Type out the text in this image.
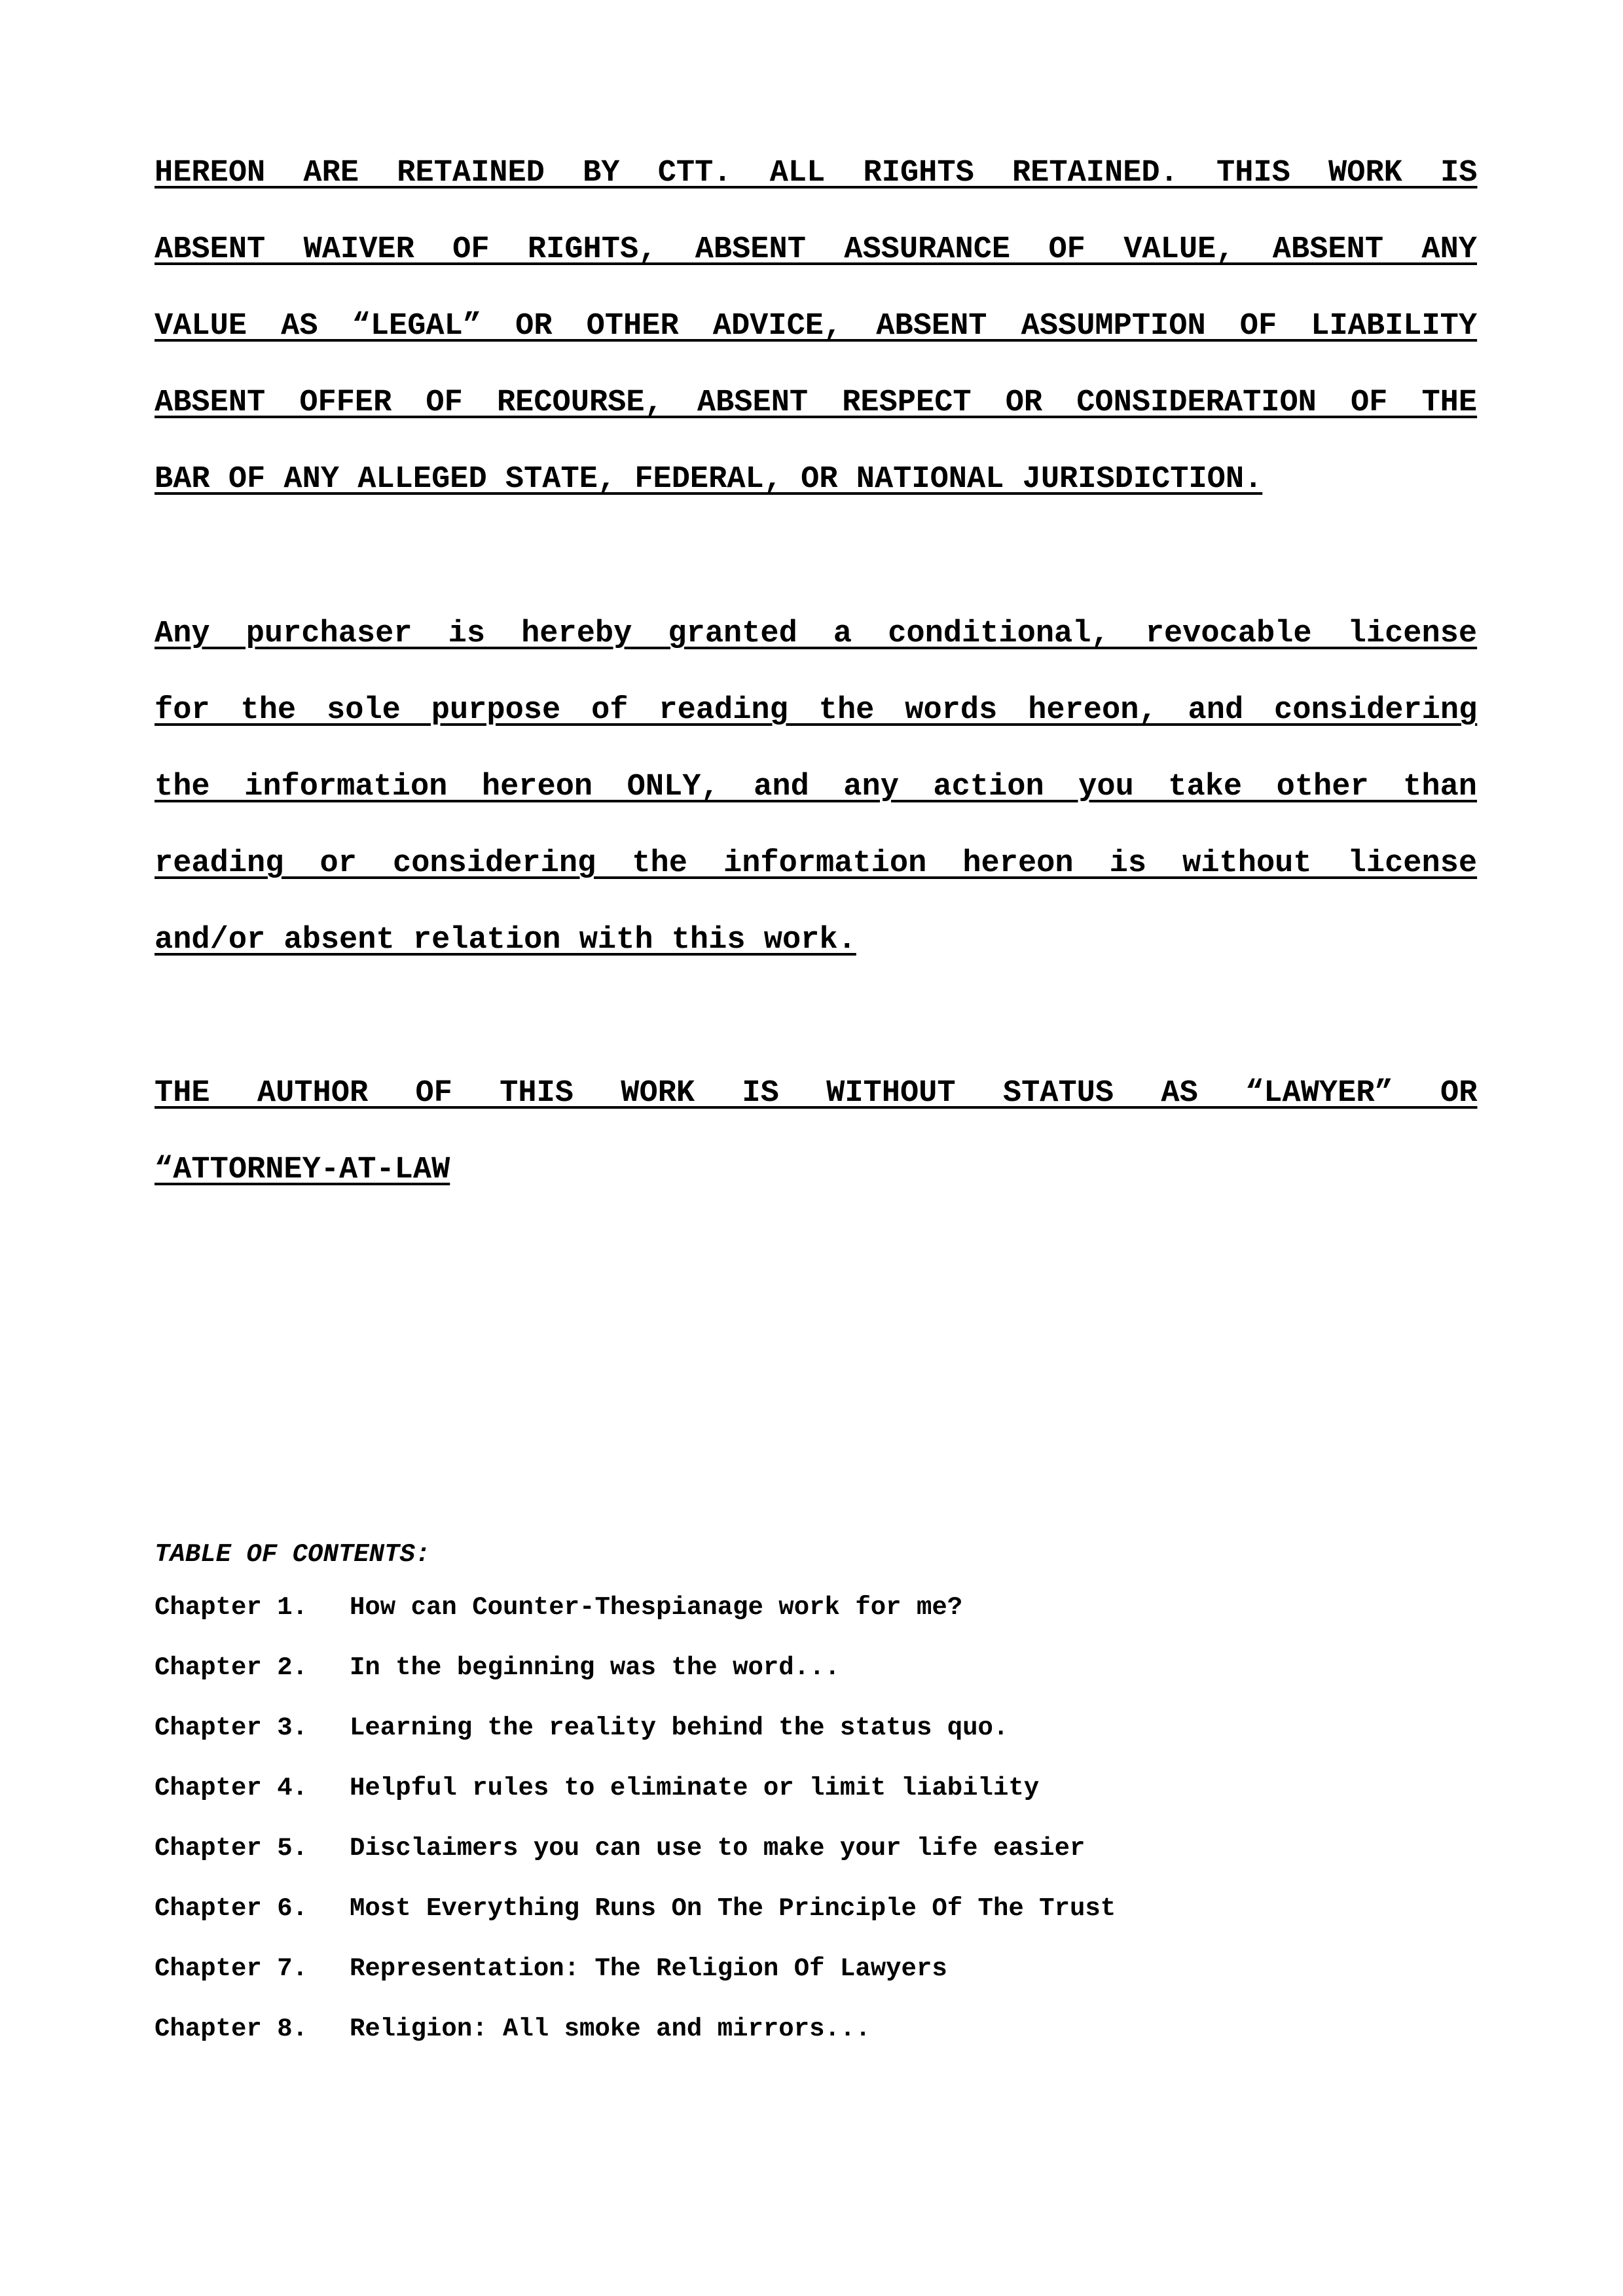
HEREON ARE RETAINED BY CTT. ALL RIGHTS RETAINED. THIS WORK IS
ABSENT WAIVER OF RIGHTS, ABSENT ASSURANCE OF VALUE, ABSENT ANY
VALUE AS “LEGAL” OR OTHER ADVICE, ABSENT ASSUMPTION OF LIABILITY
ABSENT OFFER OF RECOURSE, ABSENT RESPECT OR CONSIDERATION OF THE
BAR OF ANY ALLEGED STATE, FEDERAL, OR NATIONAL JURISDICTION.
Any purchaser is hereby granted a conditional, revocable license
for the sole purpose of reading the words hereon, and considering
the information hereon ONLY, and any action you take other than
reading or considering the information hereon is without license
and/or absent relation with this work.
THE AUTHOR OF THIS WORK IS WITHOUT STATUS AS “LAWYER” OR
“ATTORNEY-AT-LAW
TABLE OF CONTENTS:
Chapter 1. How can Counter-Thespianage work for me?
Chapter 2. In the beginning was the word...
Chapter 3. Learning the reality behind the status quo.
Chapter 4. Helpful rules to eliminate or limit liability
Chapter 5. Disclaimers you can use to make your life easier
Chapter 6. Most Everything Runs On The Principle Of The Trust
Chapter 7. Representation: The Religion Of Lawyers
Chapter 8. Religion: All smoke and mirrors...
